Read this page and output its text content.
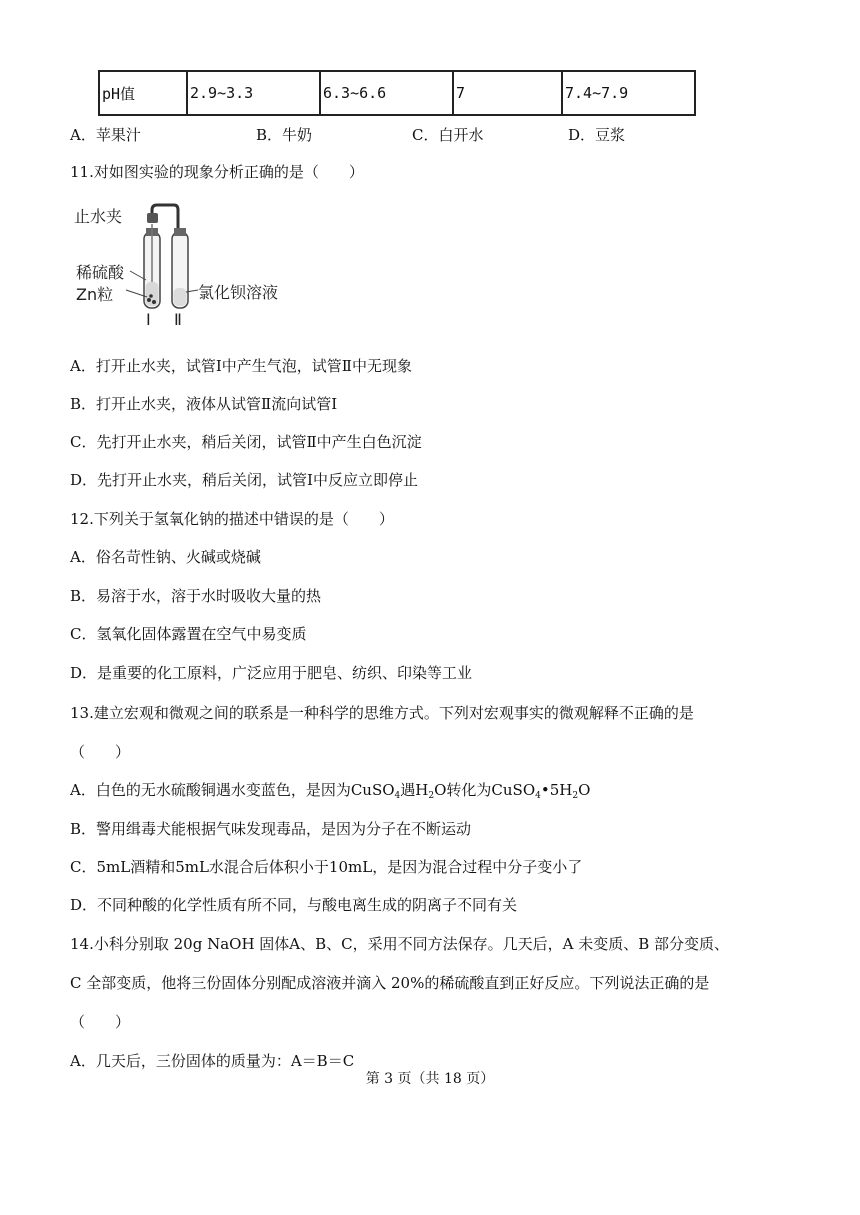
pH值	2.9~3.3	6.3~6.6	7	7.4~7.9
A．苹果汁	B．牛奶	C．白开水	D．豆浆
11.对如图实验的现象分析正确的是（　　）
止水夹
稀硫酸
Zn粒	氯化钡溶液
Ⅰ Ⅱ
A．打开止水夹，试管Ⅰ中产生气泡，试管Ⅱ中无现象
B．打开止水夹，液体从试管Ⅱ流向试管Ⅰ
C．先打开止水夹，稍后关闭，试管Ⅱ中产生白色沉淀
D．先打开止水夹，稍后关闭，试管Ⅰ中反应立即停止
12.下列关于氢氧化钠的描述中错误的是（　　）
A．俗名苛性钠、火碱或烧碱
B．易溶于水，溶于水时吸收大量的热
C．氢氧化固体露置在空气中易变质
D．是重要的化工原料，广泛应用于肥皂、纺织、印染等工业
13.建立宏观和微观之间的联系是一种科学的思维方式。下列对宏观事实的微观解释不正确的是
（　　）
A．白色的无水硫酸铜遇水变蓝色，是因为CuSO$_4$遇$H_2O$转化为$CuSO_4•5H_2O$
B．警用缉毒犬能根据气味发现毒品，是因为分子在不断运动
C．5mL酒精和5mL水混合后体积小于10mL，是因为混合过程中分子变小了
D．不同种酸的化学性质有所不同，与酸电离生成的阴离子不同有关
14.小科分别取 20g NaOH 固体A、B、C，采用不同方法保存。几天后，A 未变质、B 部分变质、
C 全部变质，他将三份固体分别配成溶液并滴入 20%的稀硫酸直到正好反应。下列说法正确的是
（　　）
A．几天后，三份固体的质量为：A＝B＝C
第 3 页（共 18 页）
